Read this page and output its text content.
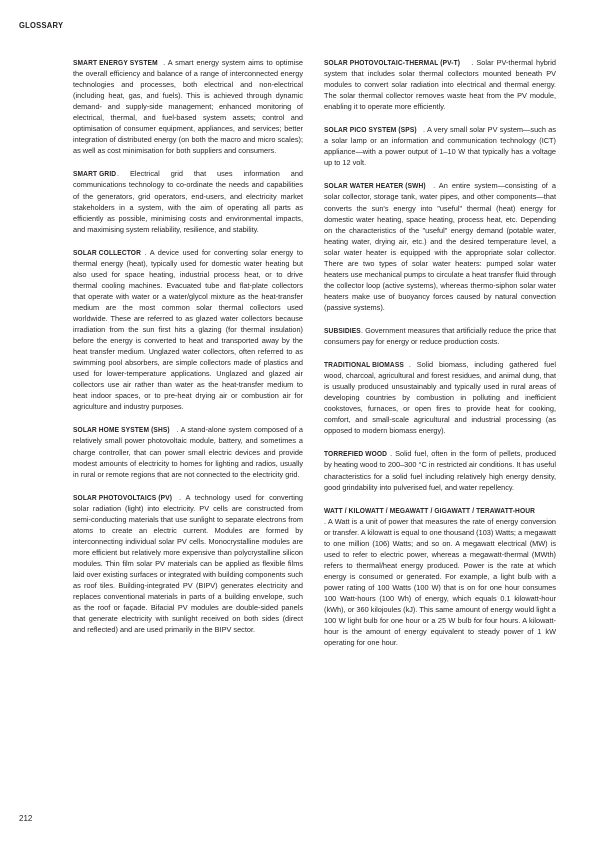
GLOSSARY

SMART ENERGY SYSTEM . A smart energy system aims to optimise the overall efficiency and balance of a range of interconnected energy technologies and processes, both electrical and non-electrical (including heat, gas, and fuels). This is achieved through dynamic demand- and supply-side management; enhanced monitoring of electrical, thermal, and fuel-based system assets; control and optimisation of consumer equipment, appliances, and services; better integration of distributed energy (on both the macro and micro scales); as well as cost minimisation for both suppliers and consumers.

SMART GRID. Electrical grid that uses information and communications technology to co-ordinate the needs and capabilities of the generators, grid operators, end-users, and electricity market stakeholders in a system, with the aim of operating all parts as efficiently as possible, minimising costs and environmental impacts, and maximising system reliability, resilience, and stability.

SOLAR COLLECTOR . A device used for converting solar energy to thermal energy (heat), typically used for domestic water heating but also used for space heating, industrial process heat, or to drive thermal cooling machines. Evacuated tube and flat-plate collectors that operate with water or a water/glycol mixture as the heat-transfer medium are the most common solar thermal collectors used worldwide. These are referred to as glazed water collectors because irradiation from the sun first hits a glazing (for thermal insulation) before the energy is converted to heat and transported away by the heat transfer medium. Unglazed water collectors, often referred to as swimming pool absorbers, are simple collectors made of plastics and used for lower-temperature applications. Unglazed and glazed air collectors use air rather than water as the heat-transfer medium to heat indoor spaces, or to pre-heat drying air or combustion air for agriculture and industry purposes.

SOLAR HOME SYSTEM (SHS) . A stand-alone system composed of a relatively small power photovoltaic module, battery, and sometimes a charge controller, that can power small electric devices and provide modest amounts of electricity to homes for lighting and radios, usually in rural or remote regions that are not connected to the electricity grid.

SOLAR PHOTOVOLTAICS (PV) . A technology used for converting solar radiation (light) into electricity. PV cells are constructed from semi-conducting materials that use sunlight to separate electrons from atoms to create an electric current. Modules are formed by interconnecting individual solar PV cells. Monocrystalline modules are more efficient but relatively more expensive than polycrystalline silicon modules. Thin film solar PV materials can be applied as flexible films laid over existing surfaces or integrated with building components such as roof tiles. Building-integrated PV (BIPV) generates electricity and replaces conventional materials in parts of a building envelope, such as the roof or façade. Bifacial PV modules are double-sided panels that generate electricity with sunlight received on both sides (direct and reflected) and are used primarily in the BIPV sector.

SOLAR PHOTOVOLTAIC-THERMAL (PV-T) . Solar PV-thermal hybrid system that includes solar thermal collectors mounted beneath PV modules to convert solar radiation into electrical and thermal energy. The solar thermal collector removes waste heat from the PV module, enabling it to operate more efficiently.

SOLAR PICO SYSTEM (SPS) . A very small solar PV system—such as a solar lamp or an information and communication technology (ICT) appliance—with a power output of 1–10 W that typically has a voltage up to 12 volt.

SOLAR WATER HEATER (SWH) . An entire system—consisting of a solar collector, storage tank, water pipes, and other components—that converts the sun's energy into "useful" thermal (heat) energy for domestic water heating, space heating, process heat, etc. Depending on the characteristics of the "useful" energy demand (potable water, heating water, drying air, etc.) and the desired temperature level, a solar water heater is equipped with the appropriate solar collector. There are two types of solar water heaters: pumped solar water heaters use mechanical pumps to circulate a heat transfer fluid through the collector loop (active systems), whereas thermo-siphon solar water heaters make use of buoyancy forces caused by natural convection (passive systems).

SUBSIDIES. Government measures that artificially reduce the price that consumers pay for energy or reduce production costs.

TRADITIONAL BIOMASS . Solid biomass, including gathered fuel wood, charcoal, agricultural and forest residues, and animal dung, that is usually produced unsustainably and typically used in rural areas of developing countries by combustion in polluting and inefficient cookstoves, furnaces, or open fires to provide heat for cooking, comfort, and small-scale agricultural and industrial processing (as opposed to modern biomass energy).

TORREFIED WOOD . Solid fuel, often in the form of pellets, produced by heating wood to 200–300 °C in restricted air conditions. It has useful characteristics for a solid fuel including relatively high energy density, good grindability into pulverised fuel, and water repellency.

WATT / KILOWATT / MEGAWATT / GIGAWATT / TERAWATT-HOUR. A Watt is a unit of power that measures the rate of energy conversion or transfer. A kilowatt is equal to one thousand (103) Watts; a megawatt to one million (106) Watts; and so on. A megawatt electrical (MW) is used to refer to electric power, whereas a megawatt-thermal (MWth) refers to thermal/heat energy produced. Power is the rate at which energy is consumed or generated. For example, a light bulb with a power rating of 100 Watts (100 W) that is on for one hour consumes 100 Watt-hours (100 Wh) of energy, which equals 0.1 kilowatt-hour (kWh), or 360 kilojoules (kJ). This same amount of energy would light a 100 W light bulb for one hour or a 25 W bulb for four hours. A kilowatt-hour is the amount of energy equivalent to steady power of 1 kW operating for one hour.

212
